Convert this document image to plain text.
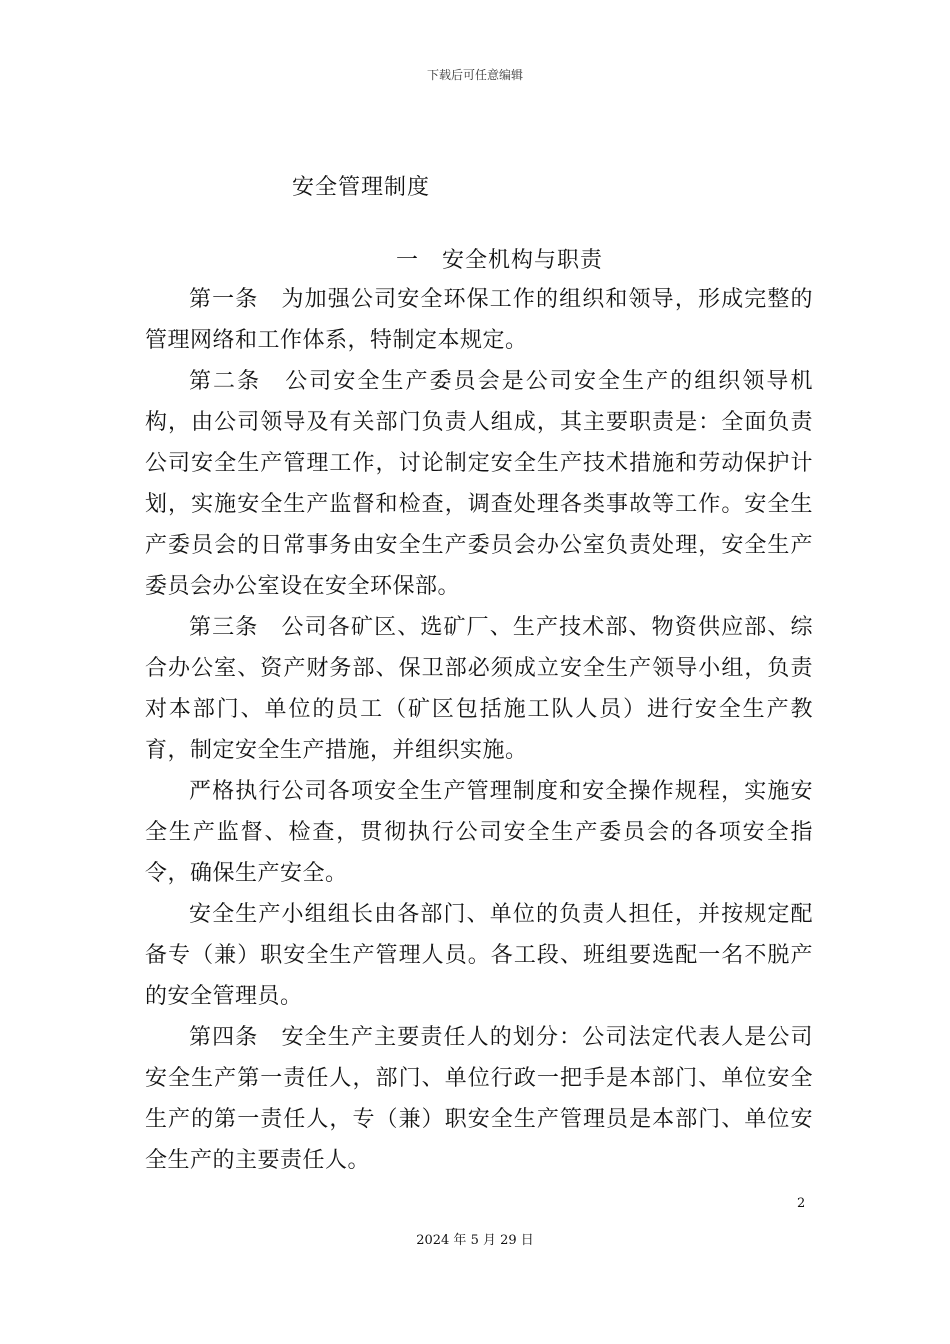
下载后可任意编辑
安全管理制度
一　安全机构与职责

第一条　为加强公司安全环保工作的组织和领导，形成完整的管理网络和工作体系，特制定本规定。

第二条　公司安全生产委员会是公司安全生产的组织领导机构，由公司领导及有关部门负责人组成，其主要职责是：全面负责公司安全生产管理工作，讨论制定安全生产技术措施和劳动保护计划，实施安全生产监督和检查，调查处理各类事故等工作。安全生产委员会的日常事务由安全生产委员会办公室负责处理，安全生产委员会办公室设在安全环保部。

第三条　公司各矿区、选矿厂、生产技术部、物资供应部、综合办公室、资产财务部、保卫部必须成立安全生产领导小组，负责对本部门、单位的员工（矿区包括施工队人员）进行安全生产教育，制定安全生产措施，并组织实施。

严格执行公司各项安全生产管理制度和安全操作规程，实施安全生产监督、检查，贯彻执行公司安全生产委员会的各项安全指令，确保生产安全。

安全生产小组组长由各部门、单位的负责人担任，并按规定配备专（兼）职安全生产管理人员。各工段、班组要选配一名不脱产的安全管理员。

第四条　安全生产主要责任人的划分：公司法定代表人是公司安全生产第一责任人，部门、单位行政一把手是本部门、单位安全生产的第一责任人，专（兼）职安全生产管理员是本部门、单位安全生产的主要责任人。

2
2024 年 5 月 29 日
